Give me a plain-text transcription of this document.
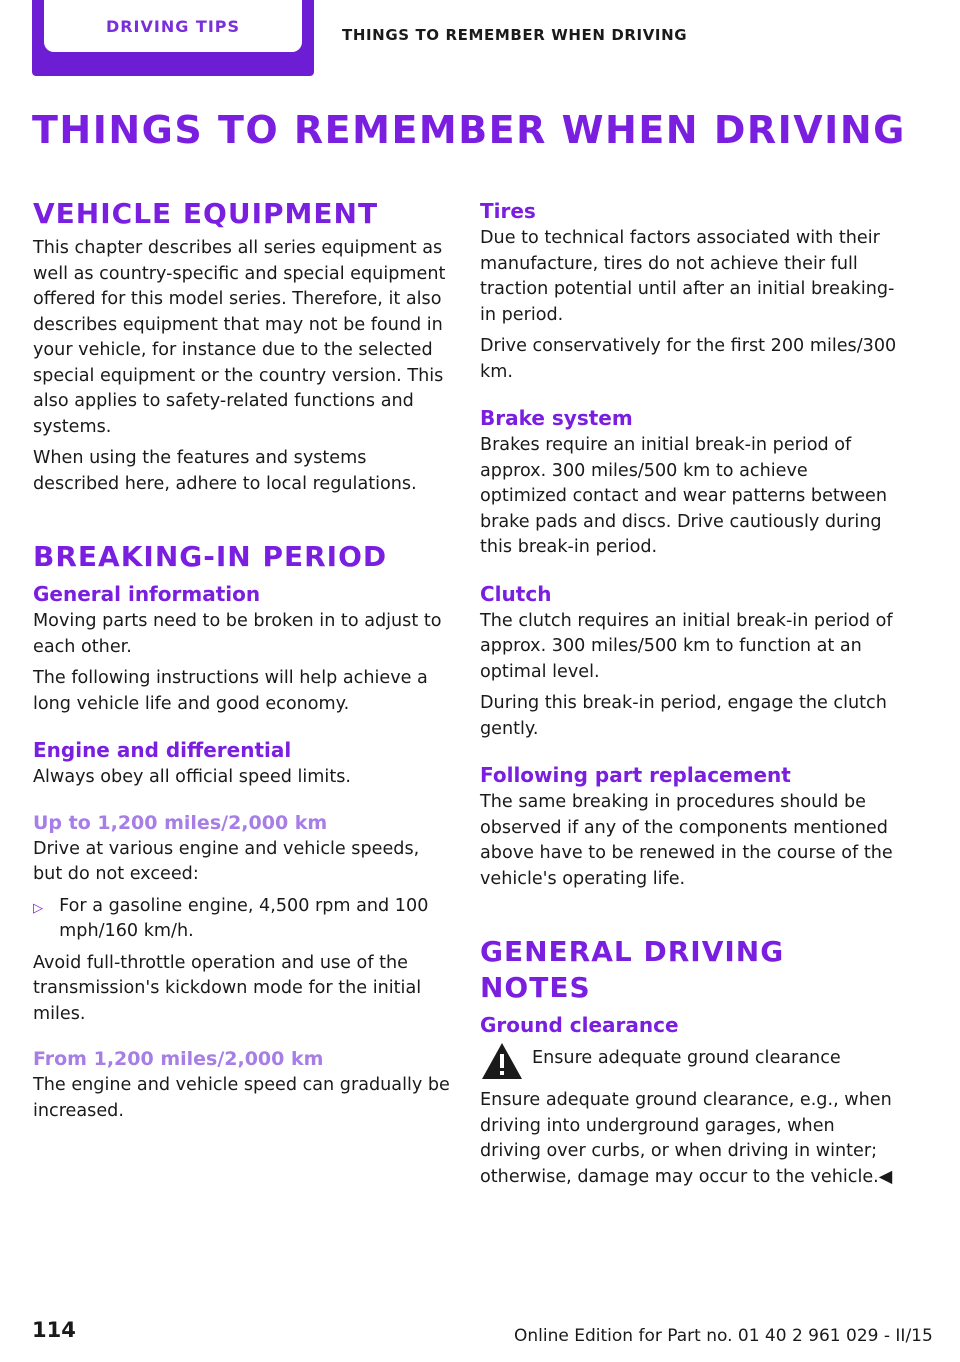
DRIVING TIPS	THINGS TO REMEMBER WHEN DRIVING
THINGS TO REMEMBER WHEN DRIVING
VEHICLE EQUIPMENT

This chapter describes all series equipment as well as country-specific and special equipment offered for this model series. Therefore, it also describes equipment that may not be found in your vehicle, for instance due to the selected special equipment or the country version. This also applies to safety-related functions and systems.

When using the features and systems described here, adhere to local regulations.

BREAKING-IN PERIOD
General information

Moving parts need to be broken in to adjust to each other.

The following instructions will help achieve a long vehicle life and good economy.

Engine and differential

Always obey all official speed limits.

Up to 1,200 miles/2,000 km

Drive at various engine and vehicle speeds, but do not exceed:

▷ For a gasoline engine, 4,500 rpm and 100 mph/160 km/h.

Avoid full-throttle operation and use of the transmission's kickdown mode for the initial miles.

From 1,200 miles/2,000 km

The engine and vehicle speed can gradually be increased.

Tires

Due to technical factors associated with their manufacture, tires do not achieve their full traction potential until after an initial breaking-in period.

Drive conservatively for the first 200 miles/300 km.

Brake system

Brakes require an initial break-in period of approx. 300 miles/500 km to achieve optimized contact and wear patterns between brake pads and discs. Drive cautiously during this break-in period.

Clutch

The clutch requires an initial break-in period of approx. 300 miles/500 km to function at an optimal level.

During this break-in period, engage the clutch gently.

Following part replacement

The same breaking in procedures should be observed if any of the components mentioned above have to be renewed in the course of the vehicle's operating life.

GENERAL DRIVING NOTES
Ground clearance
Ensure adequate ground clearance
Ensure adequate ground clearance, e.g., when driving into underground garages, when driving over curbs, or when driving in winter; otherwise, damage may occur to the vehicle.◀
114	Online Edition for Part no. 01 40 2 961 029 - II/15
